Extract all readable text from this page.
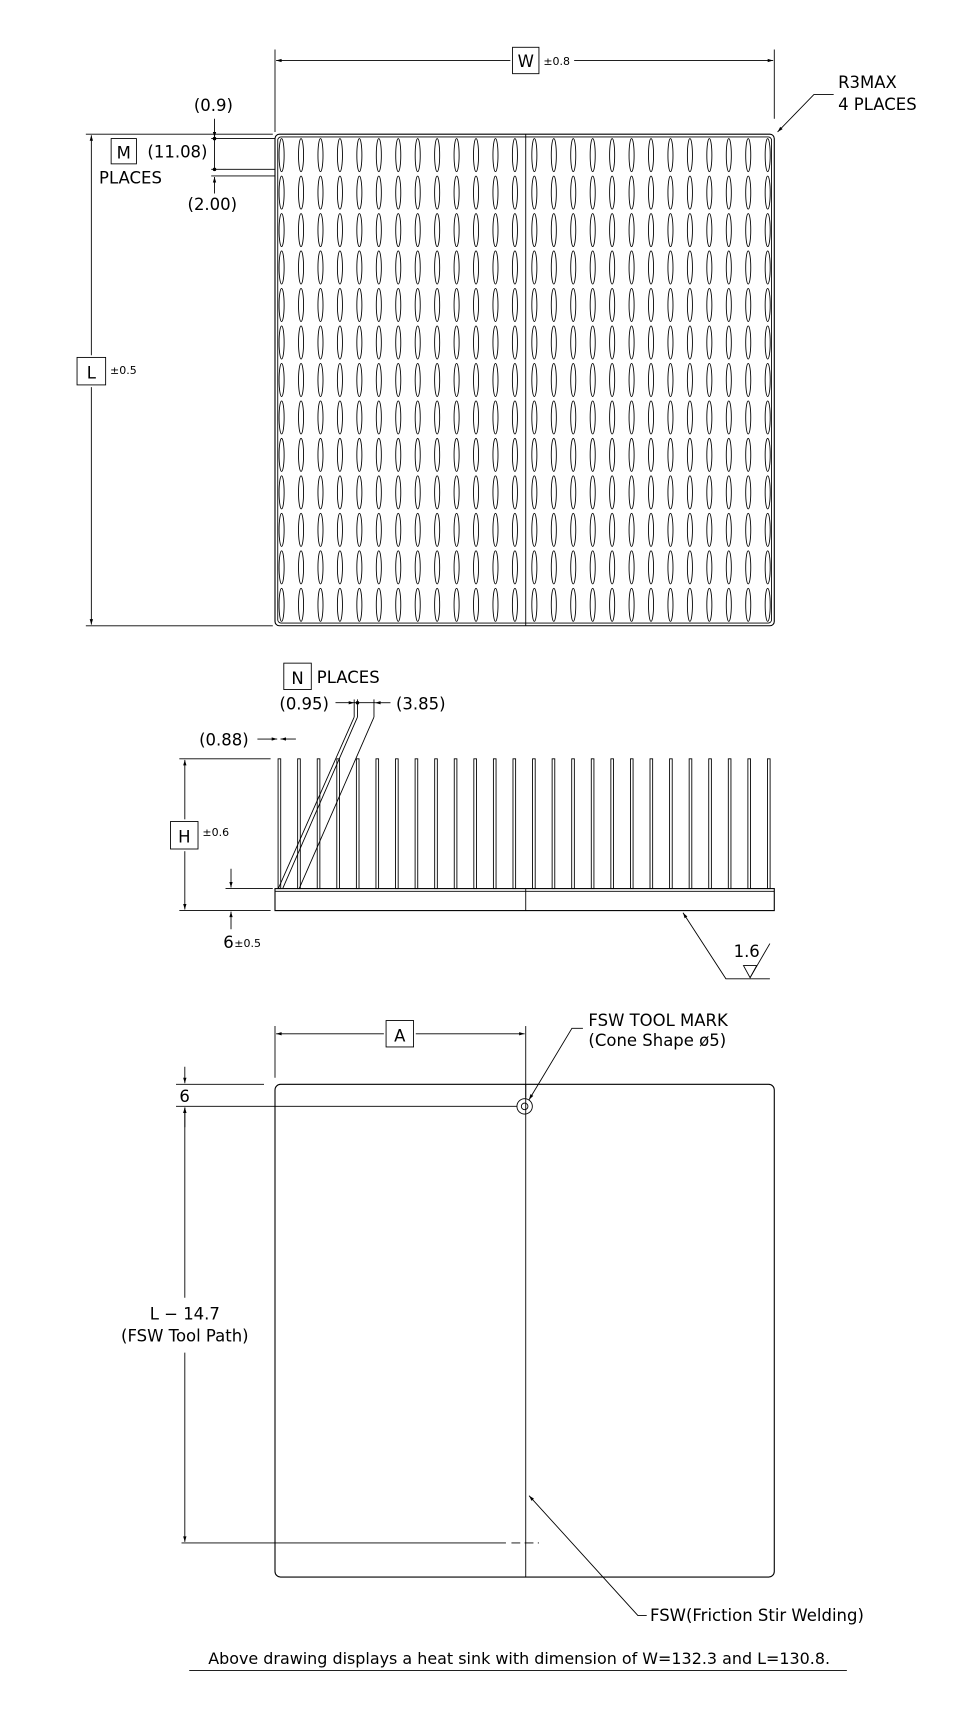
W ±0.8
R3MAX
4 PLACES
L ±0.5
(0.9)
(2.00)
M (11.08)
PLACES
N PLACES
(0.95)	(3.85)
(0.88)
H ±0.6
6 ±0.5	1.6
A
FSW TOOL MARK
(Cone Shape ø5)
6
L − 14.7
(FSW Tool Path)
FSW(Friction Stir Welding)
Above drawing displays a heat sink with dimension of W=132.3 and L=130.8.
